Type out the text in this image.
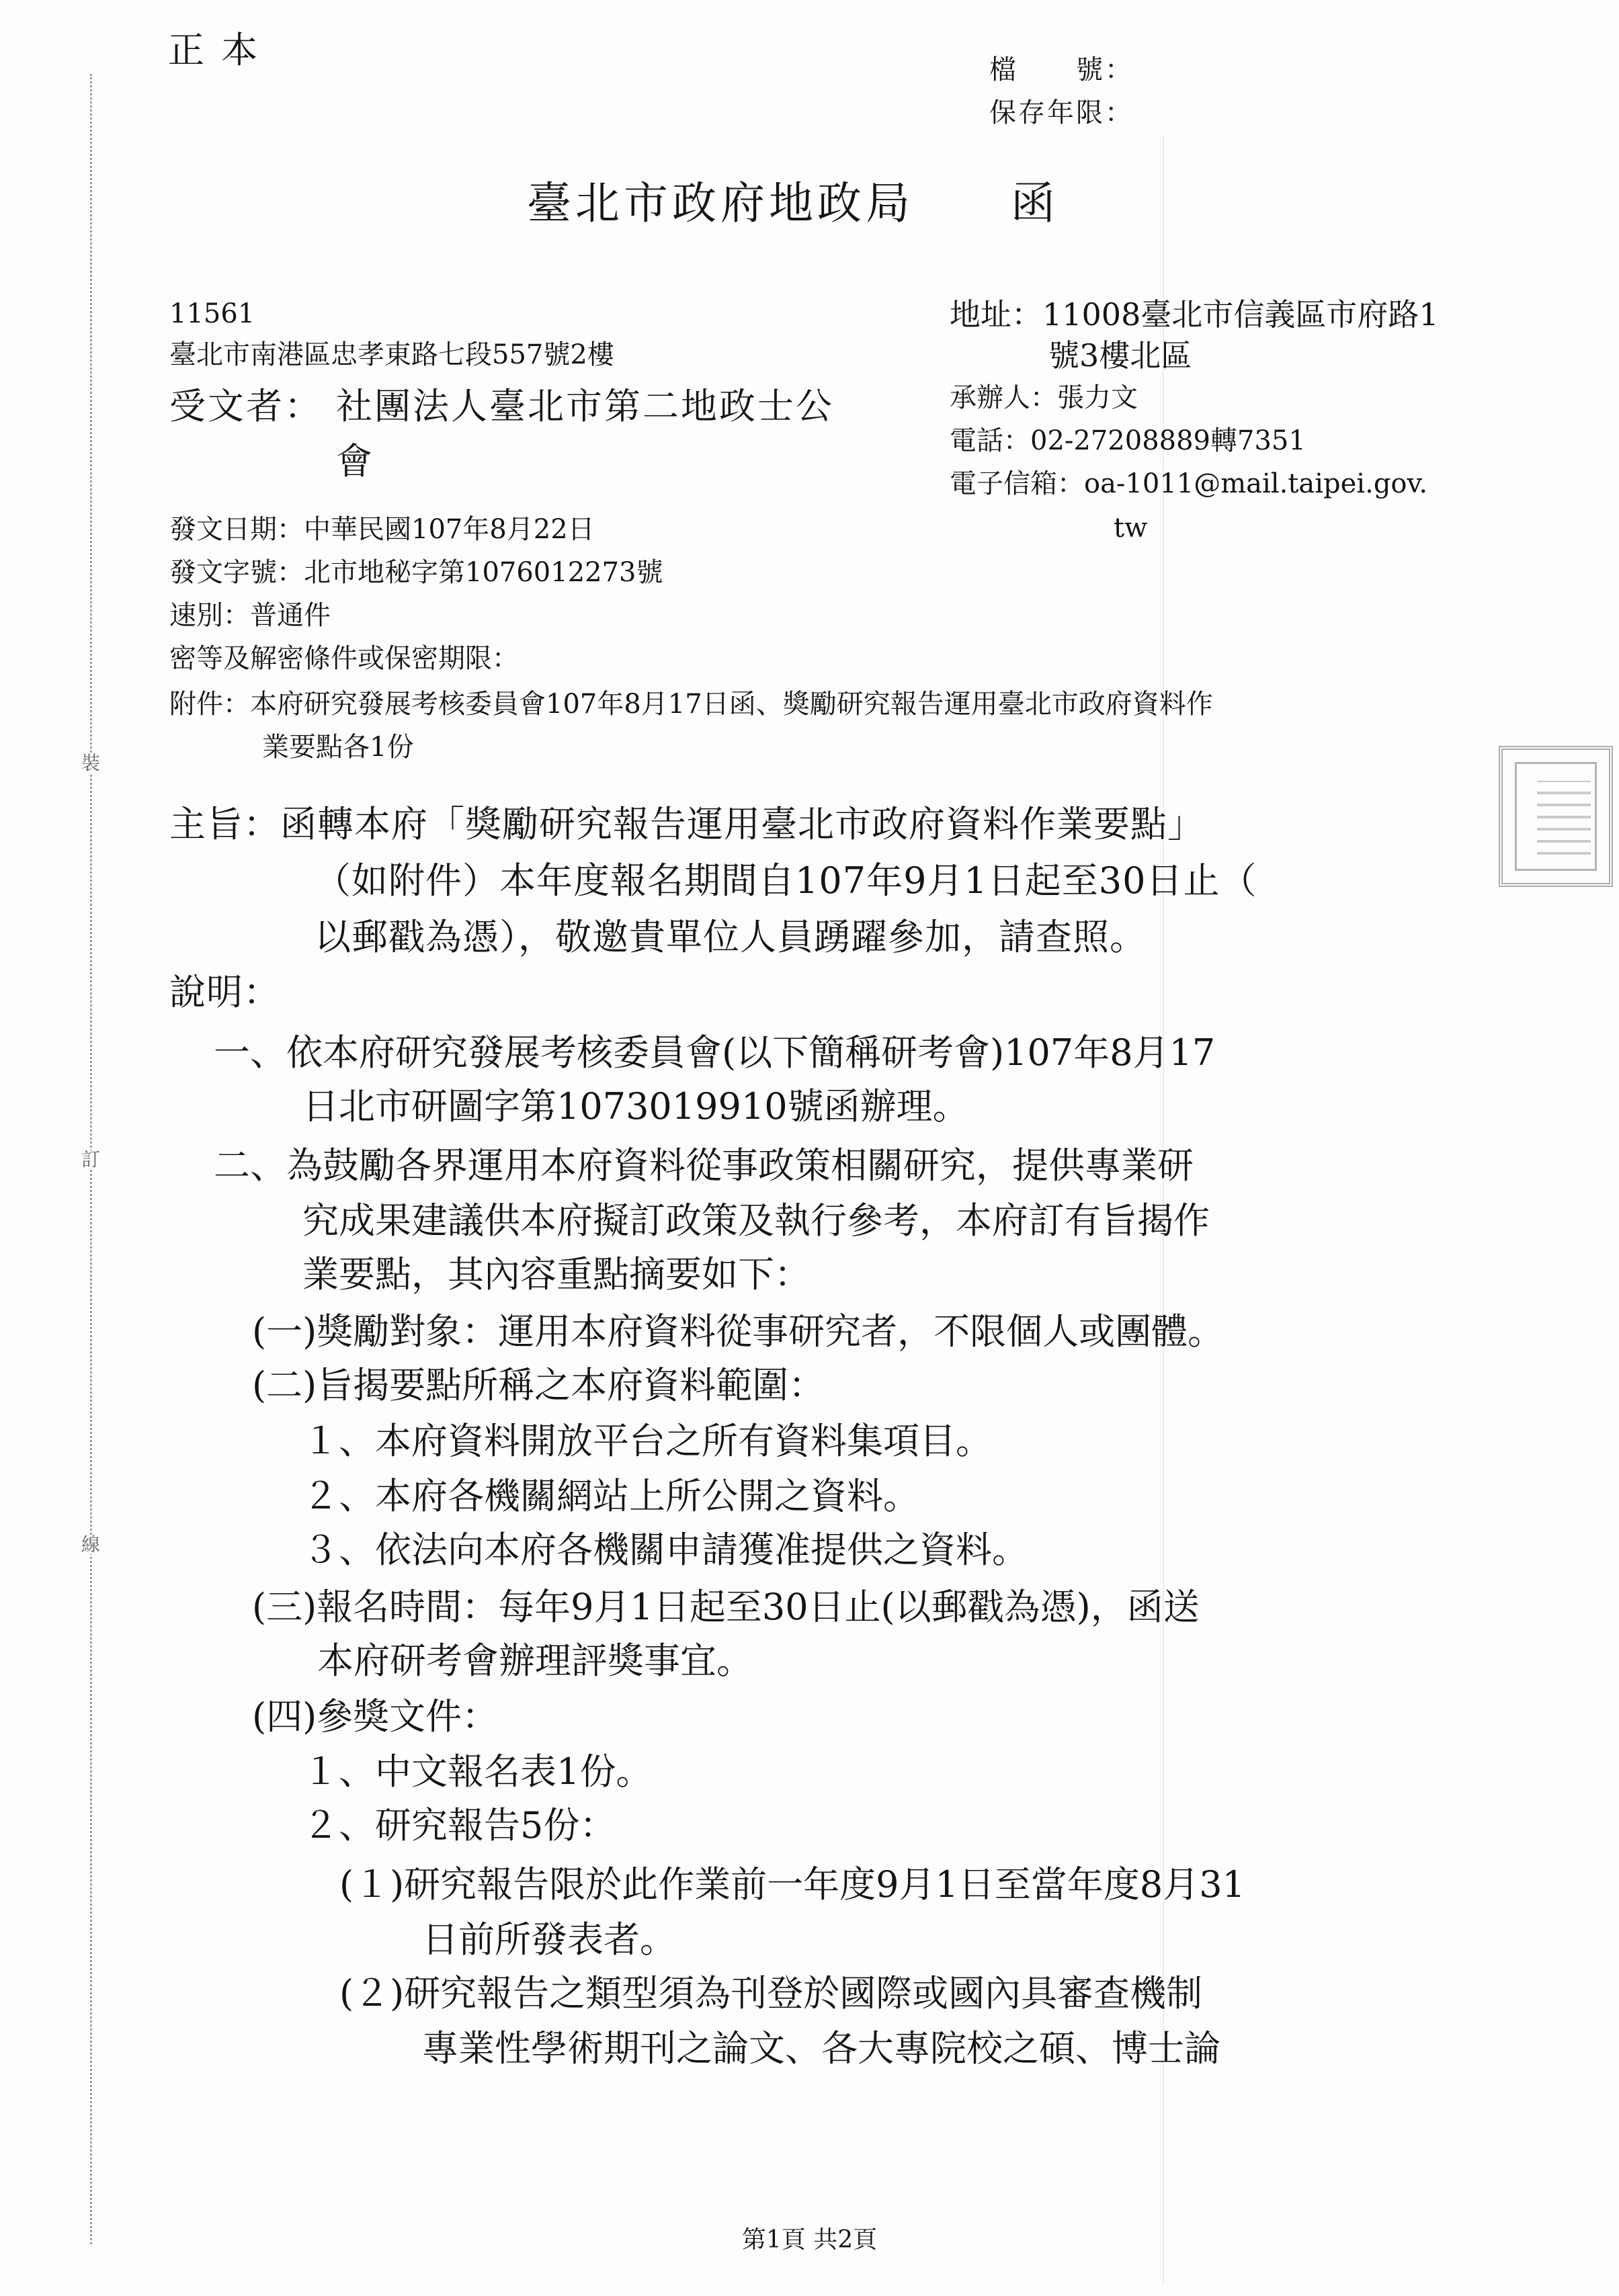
裝
訂
線
正 本	檔　　號：
保存年限：
臺北市政府地政局　　函
11561
臺北市南港區忠孝東路七段557號2樓
受文者： 社團法人臺北市第二地政士公
會
地址：11008臺北市信義區市府路1
號3樓北區
承辦人：張力文
電話：02-27208889轉7351
電子信箱：oa-1011@mail.taipei.gov.
tw
發文日期：中華民國107年8月22日
發文字號：北市地秘字第1076012273號
速別：普通件
密等及解密條件或保密期限：
附件：本府研究發展考核委員會107年8月17日函、獎勵研究報告運用臺北市政府資料作
業要點各1份
主旨：函轉本府「獎勵研究報告運用臺北市政府資料作業要點」
（如附件）本年度報名期間自107年9月1日起至30日止（
以郵戳為憑），敬邀貴單位人員踴躍參加，請查照。
說明：
一、依本府研究發展考核委員會(以下簡稱研考會)107年8月17
日北市研圖字第1073019910號函辦理。
二、為鼓勵各界運用本府資料從事政策相關研究，提供專業研
究成果建議供本府擬訂政策及執行參考，本府訂有旨揭作
業要點，其內容重點摘要如下：
(一)獎勵對象：運用本府資料從事研究者，不限個人或團體。
(二)旨揭要點所稱之本府資料範圍：
１、本府資料開放平台之所有資料集項目。
２、本府各機關網站上所公開之資料。
３、依法向本府各機關申請獲准提供之資料。
(三)報名時間：每年9月1日起至30日止(以郵戳為憑)，函送
本府研考會辦理評獎事宜。
(四)參獎文件：
１、中文報名表1份。
２、研究報告5份：
(１)研究報告限於此作業前一年度9月1日至當年度8月31
日前所發表者。
(２)研究報告之類型須為刊登於國際或國內具審查機制
專業性學術期刊之論文、各大專院校之碩、博士論
第1頁 共2頁
